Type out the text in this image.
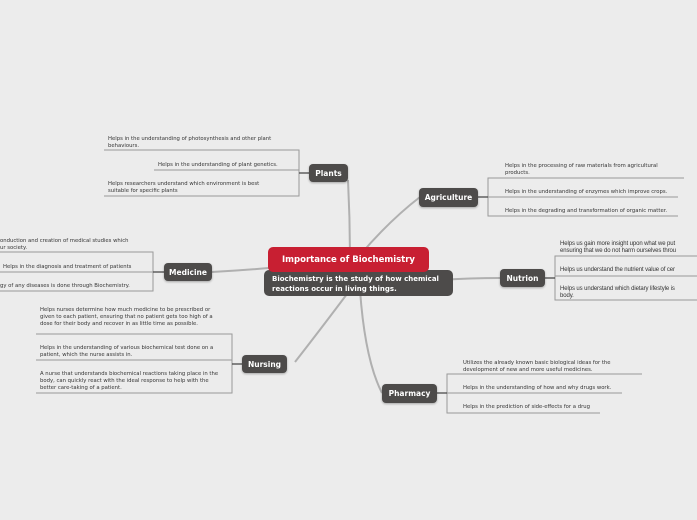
Importance of Biochemistry
Biochemistry is the study of how chemical reactions occur in living things.
Plants
Helps in the understanding of photosynthesis and other plant behaviours.
Helps in the understanding of plant genetics.
Helps researchers understand which environment is best suitable for specific plants
Agriculture
Helps in the processing of raw materials from agricultural products.
Helps in the understanding of enzymes which improve crops.
Helps in the degrading and transformation of organic matter.
Medicine
onduction and creation of medical studies which
ur society.
Helps in the diagnosis and treatment of patients
gy of any diseases is done through Biochemistry.
Nutrion
Helps us gain more insight upon what we put
ensuring that we do not harm ourselves throu
Helps us understand the nutrient value of cer
Helps us understand which dietary lifestyle is
body.
Nursing
Helps nurses determine how much medicine to be prescribed or given to each patient, ensuring that no patient gets too high of a dose for their body and recover in as little time as possible.
Helps in the understanding of various biochemical test done on a patient, which the nurse assists in.
A nurse that understands biochemical reactions taking place in the body, can quickly react with the ideal response to help with the better care-taking of a patient.
Pharmacy
Utilizes the already known basic biological ideas for the development of new and more useful medicines.
Helps in the understanding of how and why drugs work.
Helps in the prediction of side-effects for a drug
